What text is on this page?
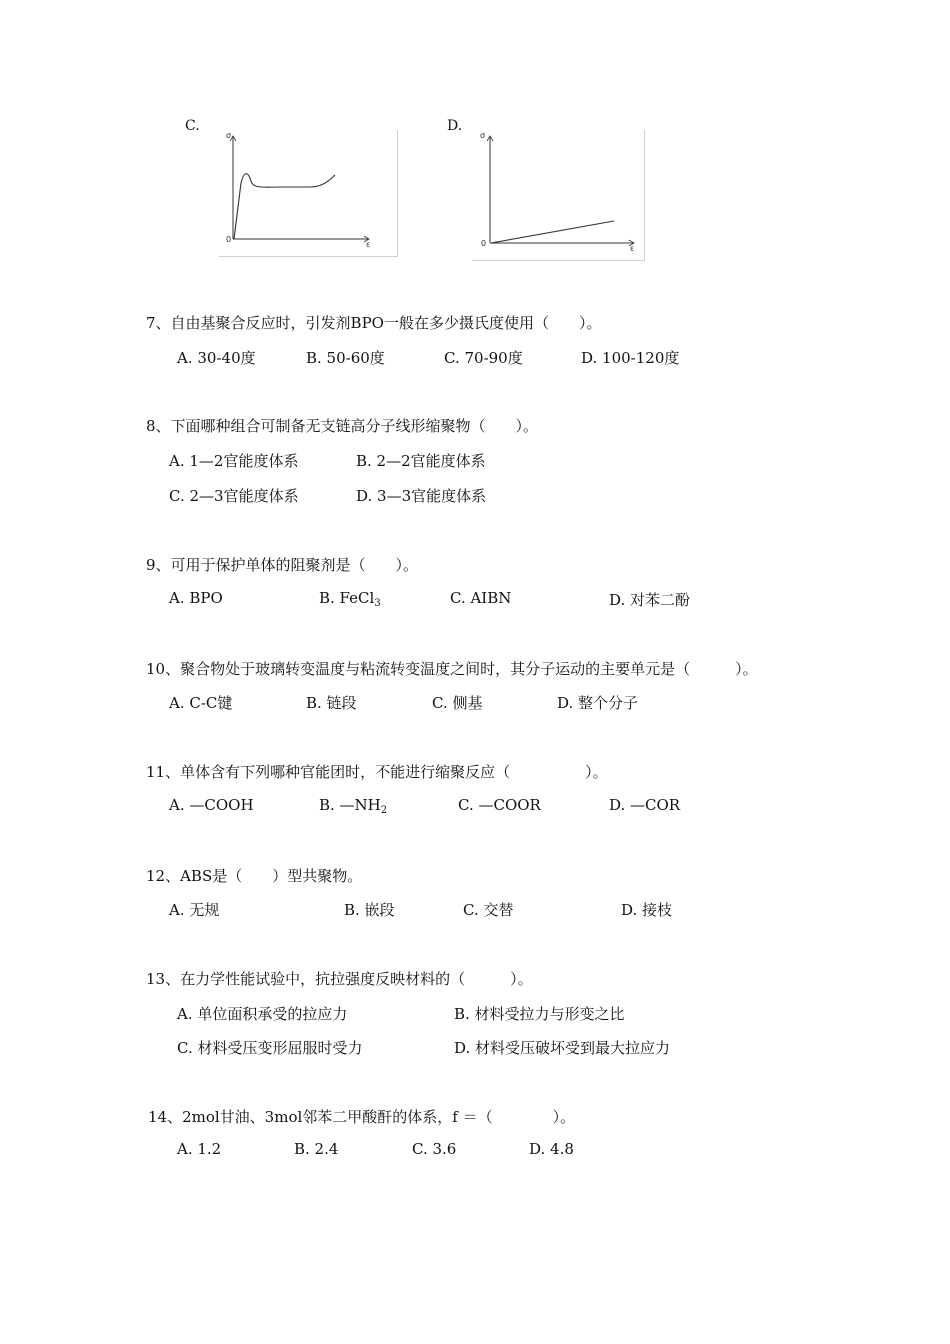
C.
σ
ε
0
D.
σ
ε
0
7、自由基聚合反应时，引发剂BPO一般在多少摄氏度使用（　　）。
A. 30-40度	B. 50-60度	C. 70-90度	D. 100-120度
8、下面哪种组合可制备无支链高分子线形缩聚物（　　）。
A. 1—2官能度体系	B. 2—2官能度体系
C. 2—3官能度体系	D. 3—3官能度体系
9、可用于保护单体的阻聚剂是（　　）。
A. BPO	B. FeCl$_3$	C. AIBN	D. 对苯二酚
10、聚合物处于玻璃转变温度与粘流转变温度之间时，其分子运动的主要单元是（　　　）。
A. C-C键	B. 链段	C. 侧基	D. 整个分子
11、单体含有下列哪种官能团时，不能进行缩聚反应（　　　　　）。
A. —COOH	B. $—NH_2$	C. —COOR	D. —COR
12、ABS是（　　）型共聚物。
A. 无规	B. 嵌段	C. 交替	D. 接枝
13、在力学性能试验中，抗拉强度反映材料的（　　　）。
A. 单位面积承受的拉应力	B. 材料受拉力与形变之比
C. 材料受压变形屈服时受力	D. 材料受压破坏受到最大拉应力
14、2mol甘油、3mol邻苯二甲酸酐的体系，f ＝（　　　　）。
A. 1.2	B. 2.4	C. 3.6	D. 4.8
